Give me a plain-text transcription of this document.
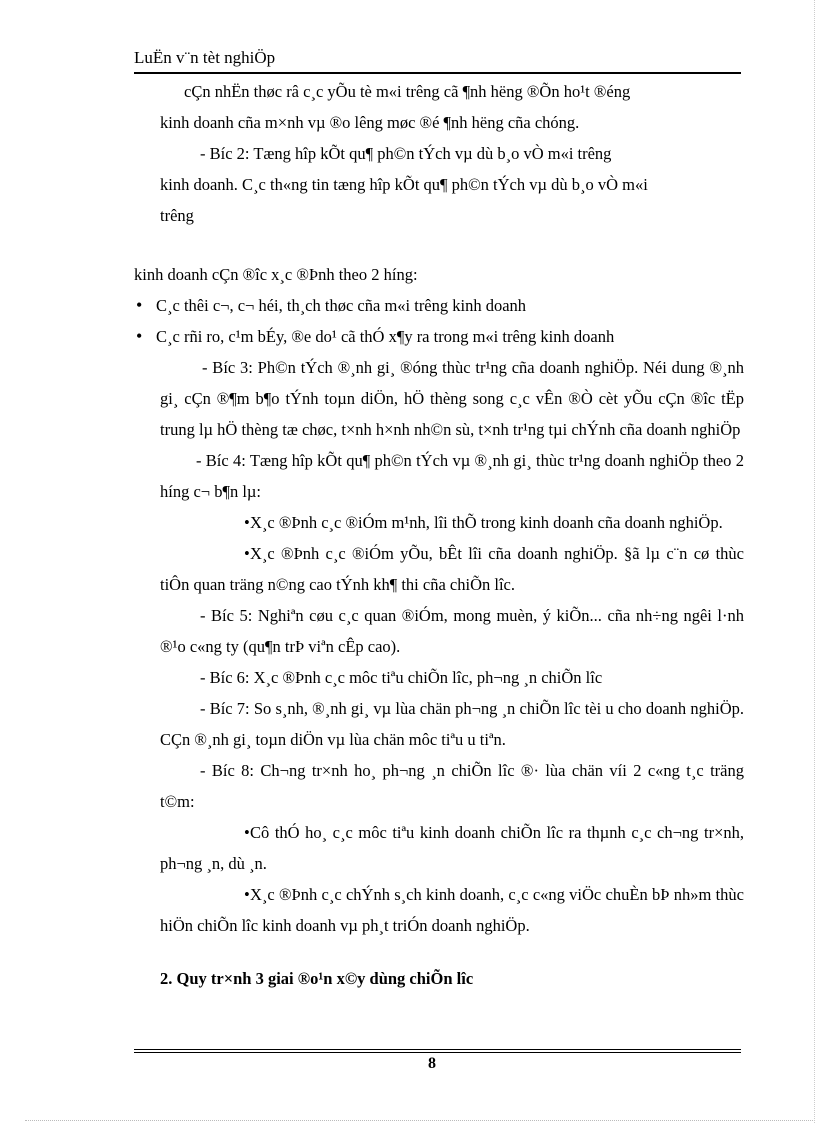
LuËn v¨n tèt nghiÖp

cÇn nhËn thøc râ c¸c yÕu tè m«i trêng cã ¶nh hëng ®Õn ho¹t ®éng

kinh doanh cña m×nh vµ ®o lêng møc ®é ¶nh hëng cña chóng.

- Bíc 2: Tæng hîp kÕt qu¶ ph©n tÝch vµ dù b¸o vÒ m«i trêng

kinh doanh. C¸c th«ng tin tæng hîp kÕt qu¶ ph©n tÝch vµ dù b¸o vÒ m«i

trêng

kinh doanh cÇn ®îc x¸c ®Þnh theo 2 híng:

• C¸c thêi c¬, c¬ héi, th¸ch thøc cña m«i trêng kinh doanh
• C¸c rñi ro, c¹m bÉy, ®e do¹ cã thÓ x¶y ra trong m«i trêng kinh doanh

- Bíc 3: Ph©n tÝch ®¸nh gi¸ ®óng thùc tr¹ng cña doanh nghiÖp. Néi dung ®¸nh gi¸ cÇn ®¶m b¶o tÝnh toµn diÖn, hÖ thèng song c¸c vÊn ®Ò cèt yÕu cÇn ®îc tËp trung lµ hÖ thèng tæ chøc, t×nh h×nh nh©n sù, t×nh tr¹ng tµi chÝnh cña doanh nghiÖp

- Bíc 4: Tæng hîp kÕt qu¶ ph©n tÝch vµ ®¸nh gi¸ thùc tr¹ng doanh nghiÖp theo 2 híng c¬ b¶n lµ:

•X¸c ®Þnh c¸c ®iÓm m¹nh, lîi thÕ trong kinh doanh cña doanh nghiÖp.

•X¸c ®Þnh c¸c ®iÓm yÕu, bÊt lîi cña doanh nghiÖp. §ã lµ c¨n cø thùc tiÔn quan träng n©ng cao tÝnh kh¶ thi cña chiÕn lîc.

- Bíc 5: Nghiªn cøu c¸c quan ®iÓm, mong muèn, ý kiÕn... cña nh÷ng ngêi l·nh ®¹o c«ng ty (qu¶n trÞ viªn cÊp cao).

- Bíc 6: X¸c ®Þnh c¸c môc tiªu chiÕn lîc, ph¬ng ¸n chiÕn lîc

- Bíc 7: So s¸nh, ®¸nh gi¸ vµ lùa chän ph¬ng ¸n chiÕn lîc tèi u cho doanh nghiÖp. CÇn ®¸nh gi¸ toµn diÖn vµ lùa chän môc tiªu u tiªn.

- Bíc 8: Ch¬ng tr×nh ho¸ ph¬ng ¸n chiÕn lîc ®· lùa chän víi 2 c«ng t¸c träng t©m:

•Cô thÓ ho¸ c¸c môc tiªu kinh doanh chiÕn lîc ra thµnh c¸c ch¬ng tr×nh, ph¬ng ¸n, dù ¸n.

•X¸c ®Þnh c¸c chÝnh s¸ch kinh doanh, c¸c c«ng viÖc chuÈn bÞ nh»m thùc hiÖn chiÕn lîc kinh doanh vµ ph¸t triÓn doanh nghiÖp.

2. Quy tr×nh 3 giai ®o¹n x©y dùng chiÕn lîc

8
